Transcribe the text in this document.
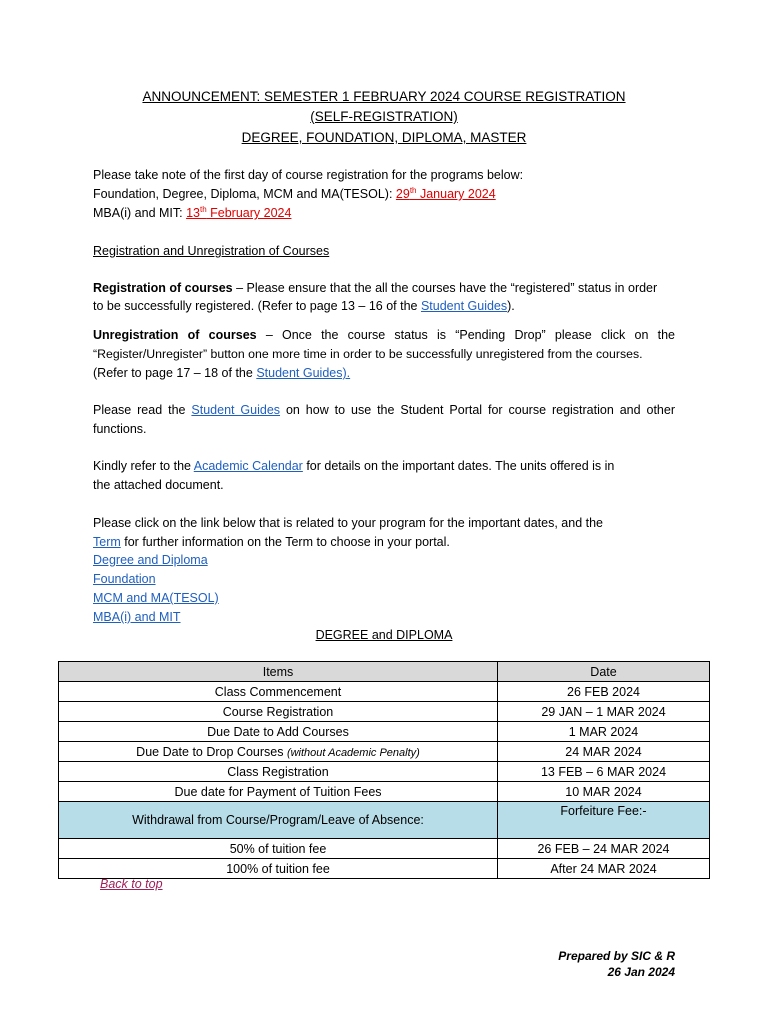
ANNOUNCEMENT: SEMESTER 1 FEBRUARY 2024 COURSE REGISTRATION
(SELF-REGISTRATION)
DEGREE, FOUNDATION, DIPLOMA, MASTER
Please take note of the first day of course registration for the programs below:
Foundation, Degree, Diploma, MCM and MA(TESOL): 29th January 2024
MBA(i) and MIT: 13th February 2024
Registration and Unregistration of Courses
Registration of courses – Please ensure that the all the courses have the “registered” status in order
to be successfully registered. (Refer to page 13 – 16 of the Student Guides).
Unregistration of courses – Once the course status is “Pending Drop” please click on the
“Register/Unregister” button one more time in order to be successfully unregistered from the courses.
(Refer to page 17 – 18 of the Student Guides).
Please read the Student Guides on how to use the Student Portal for course registration and other
functions.
Kindly refer to the Academic Calendar for details on the important dates. The units offered is in
the attached document.
Please click on the link below that is related to your program for the important dates, and the
Term for further information on the Term to choose in your portal.
Degree and Diploma
Foundation
MCM and MA(TESOL)
MBA(i) and MIT
DEGREE and DIPLOMA
Items	Date
Class Commencement	26 FEB 2024
Course Registration	29 JAN – 1 MAR 2024
Due Date to Add Courses	1 MAR 2024
Due Date to Drop Courses (without Academic Penalty)	24 MAR 2024
Class Registration	13 FEB – 6 MAR 2024
Due date for Payment of Tuition Fees	10 MAR 2024
Withdrawal from Course/Program/Leave of Absence:	Forfeiture Fee:-
50% of tuition fee	26 FEB – 24 MAR 2024
100% of tuition fee	After 24 MAR 2024
Back to top
Prepared by SIC & R
26 Jan 2024
